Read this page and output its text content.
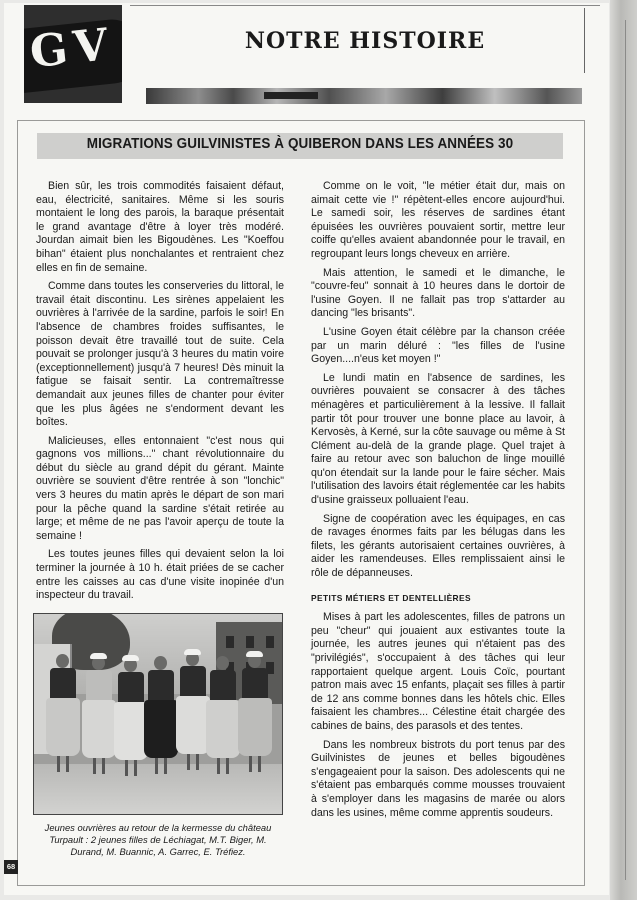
GV	NOTRE HISTOIRE
MIGRATIONS GUILVINISTES À QUIBERON DANS LES ANNÉES 30

Bien sûr, les trois commodités faisaient défaut, eau, électricité, sanitaires. Même si les souris montaient le long des parois, la baraque présentait le grand avantage d'être à loyer très modéré. Jourdan aimait bien les Bigoudènes. Les "Koeffou bihan" étaient plus nonchalantes et rentraient chez elles en fin de semaine.

Comme dans toutes les conserveries du littoral, le travail était discontinu. Les sirènes appelaient les ouvrières à l'arrivée de la sardine, parfois le soir! En l'absence de chambres froides suffisantes, le poisson devait être travaillé tout de suite. Cela pouvait se prolonger jusqu'à 3 heures du matin voire (exceptionnellement) jusqu'à 7 heures! Dès minuit la fatigue se faisait sentir. La contremaîtresse demandait aux jeunes filles de chanter pour éviter que les plus âgées ne s'endorment devant les boîtes.

Malicieuses, elles entonnaient "c'est nous qui gagnons vos millions..." chant révolutionnaire du début du siècle au grand dépit du gérant. Mainte ouvrière se souvient d'être rentrée à son "lonchic" vers 3 heures du matin après le départ de son mari pour la pêche quand la sardine s'était retirée au large; et même de ne pas l'avoir aperçu de toute la semaine !

Les toutes jeunes filles qui devaient selon la loi terminer la journée à 10 h. était priées de se cacher entre les caisses au cas d'une visite inopinée d'un inspecteur du travail.

Comme on le voit, "le métier était dur, mais on aimait cette vie !" répètent-elles encore aujourd'hui. Le samedi soir, les réserves de sardines étant épuisées les ouvrières pouvaient sortir, mettre leur coiffe qu'elles avaient abandonnée pour le travail, en regroupant leurs longs cheveux en arrière.

Mais attention, le samedi et le dimanche, le "couvre-feu" sonnait à 10 heures dans le dortoir de l'usine Goyen. Il ne fallait pas trop s'attarder au dancing "les brisants".

L'usine Goyen était célèbre par la chanson créée par un marin déluré : "les filles de l'usine Goyen....n'eus ket moyen !"

Le lundi matin en l'absence de sardines, les ouvrières pouvaient se consacrer à des tâches ménagères et particulièrement à la lessive. Il fallait partir tôt pour trouver une bonne place au lavoir, à Kervosès, à Kerné, sur la côte sauvage ou même à St Clément au-delà de la grande plage. Quel trajet à faire au retour avec son baluchon de linge mouillé qu'on étendait sur la lande pour le faire sécher. Mais l'utilisation des lavoirs était réglementée car les habits d'usine graisseux polluaient l'eau.

Signe de coopération avec les équipages, en cas de ravages énormes faits par les bélugas dans les filets, les gérants autorisaient certaines ouvrières, à aider les ramendeuses. Elles remplissaient ainsi le rôle de dépanneuses.

PETITS MÉTIERS ET DENTELLIÈRES

Mises à part les adolescentes, filles de patrons un peu "cheur" qui jouaient aux estivantes toute la journée, les autres jeunes qui n'étaient pas des "privilégiés", s'occupaient à des tâches qui leur rapportaient quelque argent. Louis Coïc, pourtant patron mais avec 15 enfants, plaçait ses filles à partir de 12 ans comme bonnes dans les hôtels chic. Elles faisaient les chambres... Célestine était chargée des cabines de bains, des parasols et des tentes.

Dans les nombreux bistrots du port tenus par des Guilvinistes de jeunes et belles bigoudènes s'engageaient pour la saison. Des adolescents qui ne s'étaient pas embarqués comme mousses trouvaient à s'employer dans les magasins de marée ou alors dans les usines, même comme apprentis soudeurs.

Jeunes ouvrières au retour de la kermesse du château Turpault : 2 jeunes filles de Léchiagat, M.T. Biger, M. Durand, M. Buannic, A. Garrec, E. Tréfiez.
68
